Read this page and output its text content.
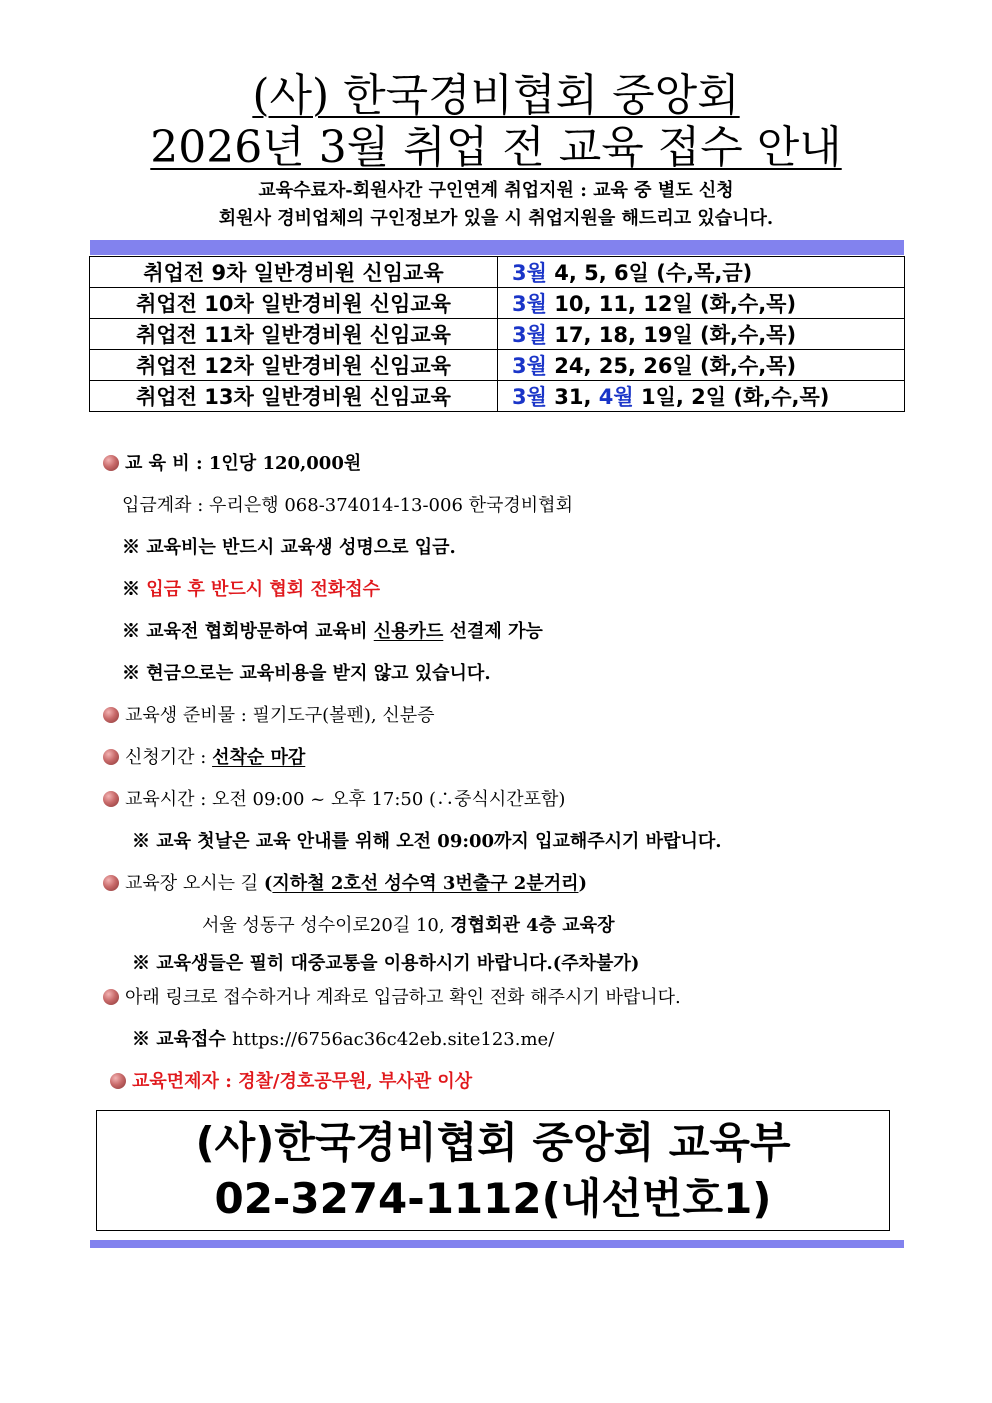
(사) 한국경비협회 중앙회
2026년 3월 취업 전 교육 접수 안내
교육수료자-회원사간 구인연계 취업지원 : 교육 중 별도 신청
회원사 경비업체의 구인정보가 있을 시 취업지원을 해드리고 있습니다.
취업전 9차 일반경비원 신임교육	3월 4, 5, 6일 (수,목,금)
취업전 10차 일반경비원 신임교육	3월 10, 11, 12일 (화,수,목)
취업전 11차 일반경비원 신임교육	3월 17, 18, 19일 (화,수,목)
취업전 12차 일반경비원 신임교육	3월 24, 25, 26일 (화,수,목)
취업전 13차 일반경비원 신임교육	3월 31, 4월 1일, 2일 (화,수,목)
교 육 비 : 1인당 120,000원
입금계좌 : 우리은행 068-374014-13-006 한국경비협회
※ 교육비는 반드시 교육생 성명으로 입금.
※ 입금 후 반드시 협회 전화접수
※ 교육전 협회방문하여 교육비 신용카드 선결제 가능
※ 현금으로는 교육비용을 받지 않고 있습니다.
교육생 준비물 : 필기도구(볼펜), 신분증
신청기간 : 선착순 마감
교육시간 : 오전 09:00 ~ 오후 17:50 (∴중식시간포함)
※ 교육 첫날은 교육 안내를 위해 오전 09:00까지 입교해주시기 바랍니다.
교육장 오시는 길 (지하철 2호선 성수역 3번출구 2분거리)
서울 성동구 성수이로20길 10, 경협회관 4층 교육장
※ 교육생들은 필히 대중교통을 이용하시기 바랍니다.(주차불가)
아래 링크로 접수하거나 계좌로 입금하고 확인 전화 해주시기 바랍니다.
※ 교육접수 https://6756ac36c42eb.site123.me/
교육면제자 : 경찰/경호공무원, 부사관 이상
(사)한국경비협회 중앙회 교육부
02-3274-1112(내선번호1)
